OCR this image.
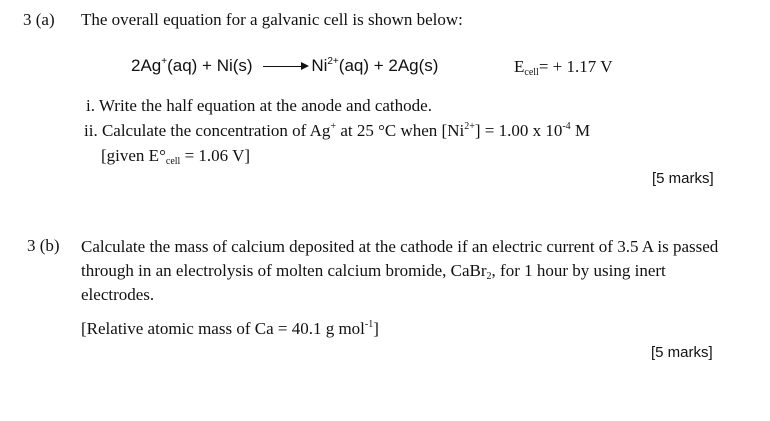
3 (a) The overall equation for a galvanic cell is shown below:
2Ag+(aq) + Ni(s)	$Ni^{2+}(aq) + 2Ag(s)$	$E_{cell}= + 1.17$ V
i. Write the half equation at the anode and cathode.
ii. Calculate the concentration of Ag+ at 25 °C when $[Ni^{2+}] = 1.00$ x $10^{-4}$ M
[given $E^\circ_{cell} = 1.06$ V]
[5 marks]
3 (b) Calculate the mass of calcium deposited at the cathode if an electric current of 3.5 A is passed through in an electrolysis of molten calcium bromide, CaBr$_2$, for 1 hour by using inert electrodes.
[Relative atomic mass of Ca = 40.1 g mol$^{-1}$]
[5 marks]
